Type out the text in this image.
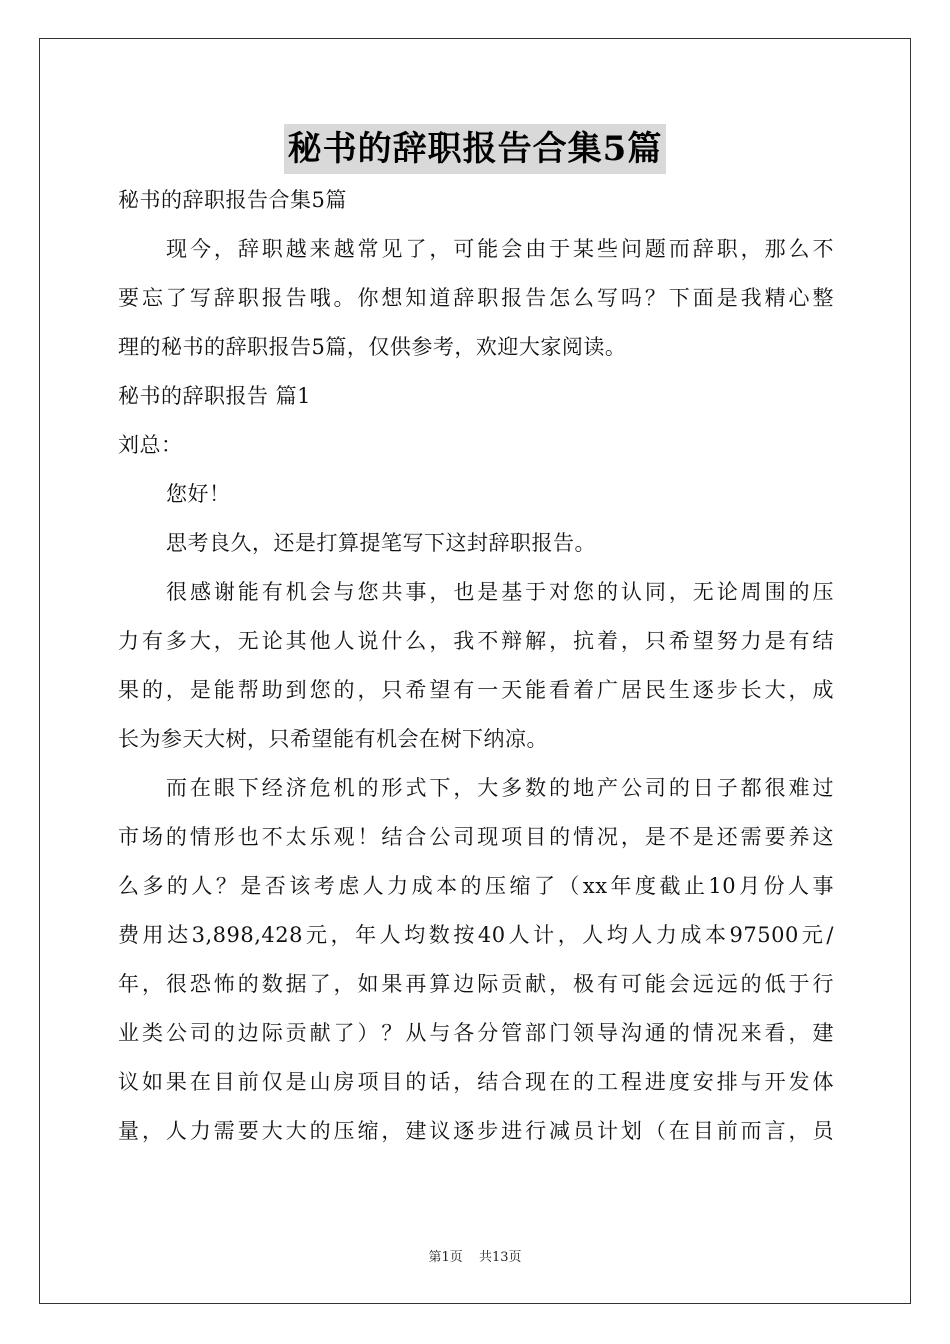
秘书的辞职报告合集5篇
秘书的辞职报告合集5篇
现今，辞职越来越常见了，可能会由于某些问题而辞职，那么不
要忘了写辞职报告哦。你想知道辞职报告怎么写吗？下面是我精心整
理的秘书的辞职报告5篇，仅供参考，欢迎大家阅读。
秘书的辞职报告 篇1
刘总：
您好！
思考良久，还是打算提笔写下这封辞职报告。
很感谢能有机会与您共事，也是基于对您的认同，无论周围的压
力有多大，无论其他人说什么，我不辩解，抗着，只希望努力是有结
果的，是能帮助到您的，只希望有一天能看着广居民生逐步长大，成
长为参天大树，只希望能有机会在树下纳凉。
而在眼下经济危机的形式下，大多数的地产公司的日子都很难过
市场的情形也不太乐观！结合公司现项目的情况，是不是还需要养这
么多的人？是否该考虑人力成本的压缩了（xx年度截止10月份人事
费用达3,898,428元，年人均数按40人计，人均人力成本97500元/
年，很恐怖的数据了，如果再算边际贡献，极有可能会远远的低于行
业类公司的边际贡献了）？从与各分管部门领导沟通的情况来看，建
议如果在目前仅是山房项目的话，结合现在的工程进度安排与开发体
量，人力需要大大的压缩，建议逐步进行减员计划（在目前而言，员
第1页 共13页
